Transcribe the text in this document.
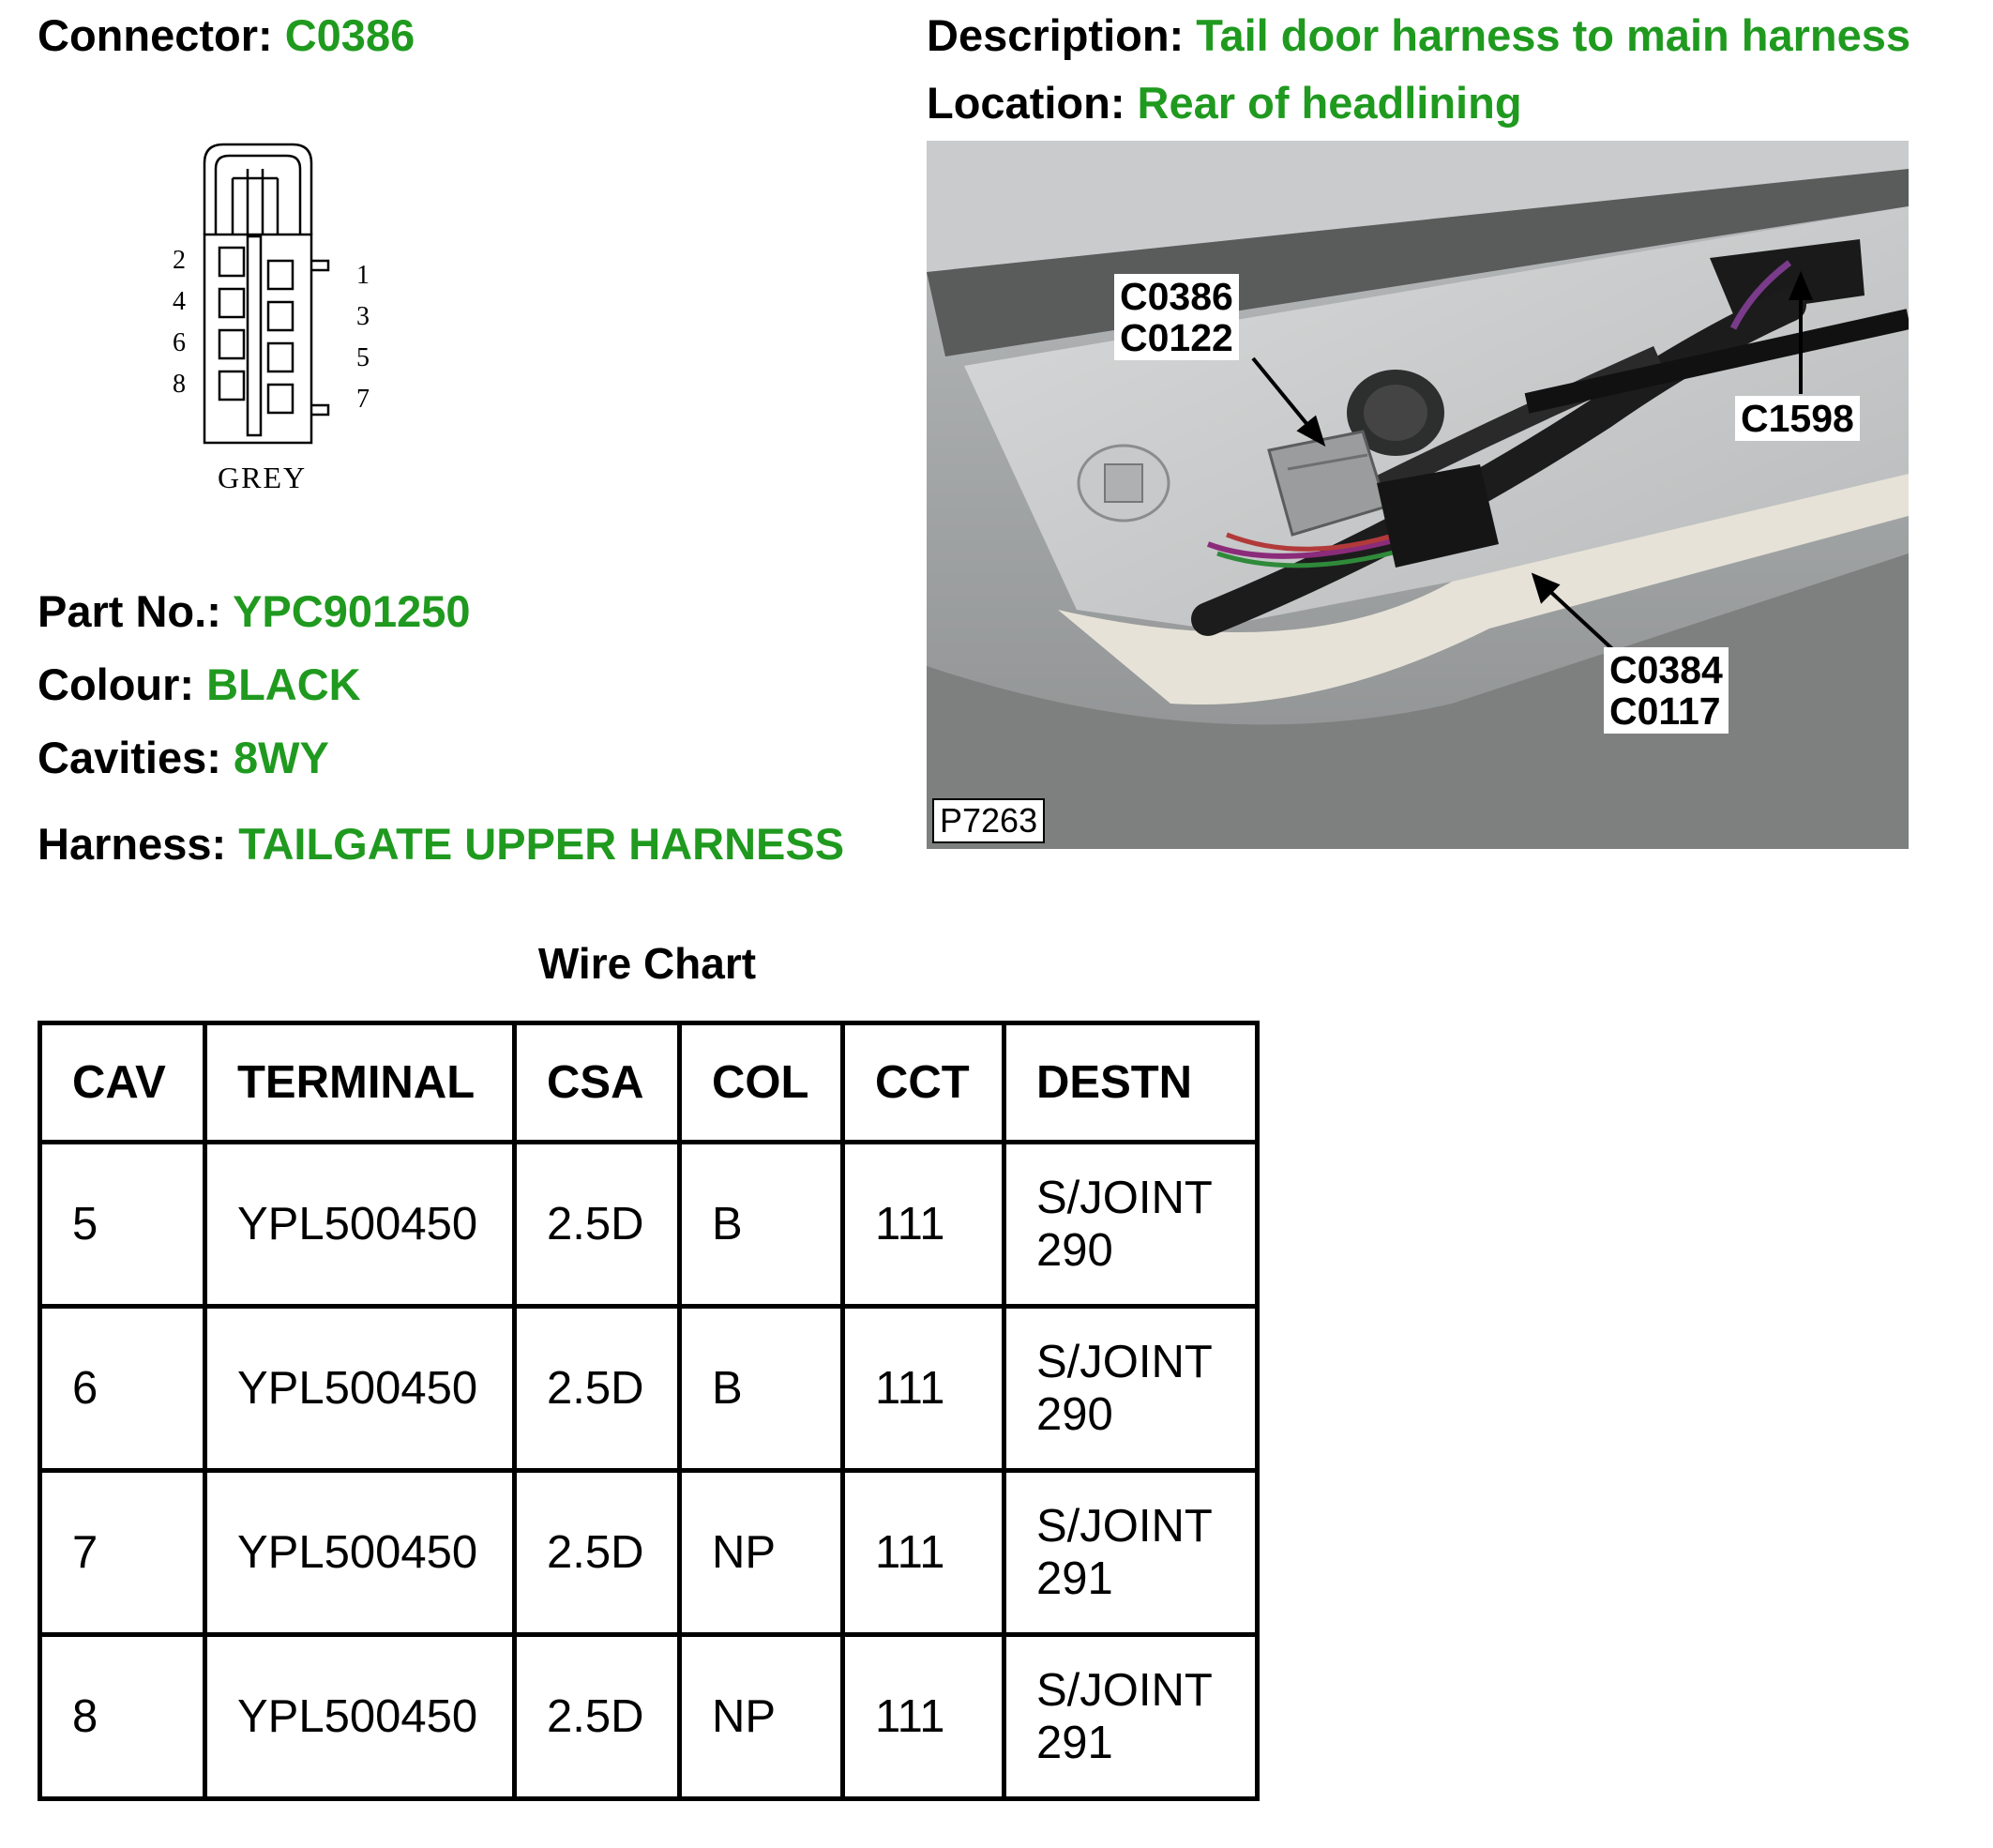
Connector: C0386	Description: Tail door harness to main harness
Location: Rear of headlining
2
4
6
8
1
3
5
7
GREY
Part No.: YPC901250
Colour: BLACK
Cavities: 8WY
Harness: TAILGATE UPPER HARNESS
C0386
C0122
C1598
C0384
C0117
P7263
Wire Chart
CAV	TERMINAL	CSA	COL	CCT	DESTN
5	YPL500450	2.5D	B	111	S/JOINT
290

6	YPL500450	2.5D	B	111	S/JOINT
290

7	YPL500450	2.5D	NP	111	S/JOINT
291

8	YPL500450	2.5D	NP	111	S/JOINT
291
